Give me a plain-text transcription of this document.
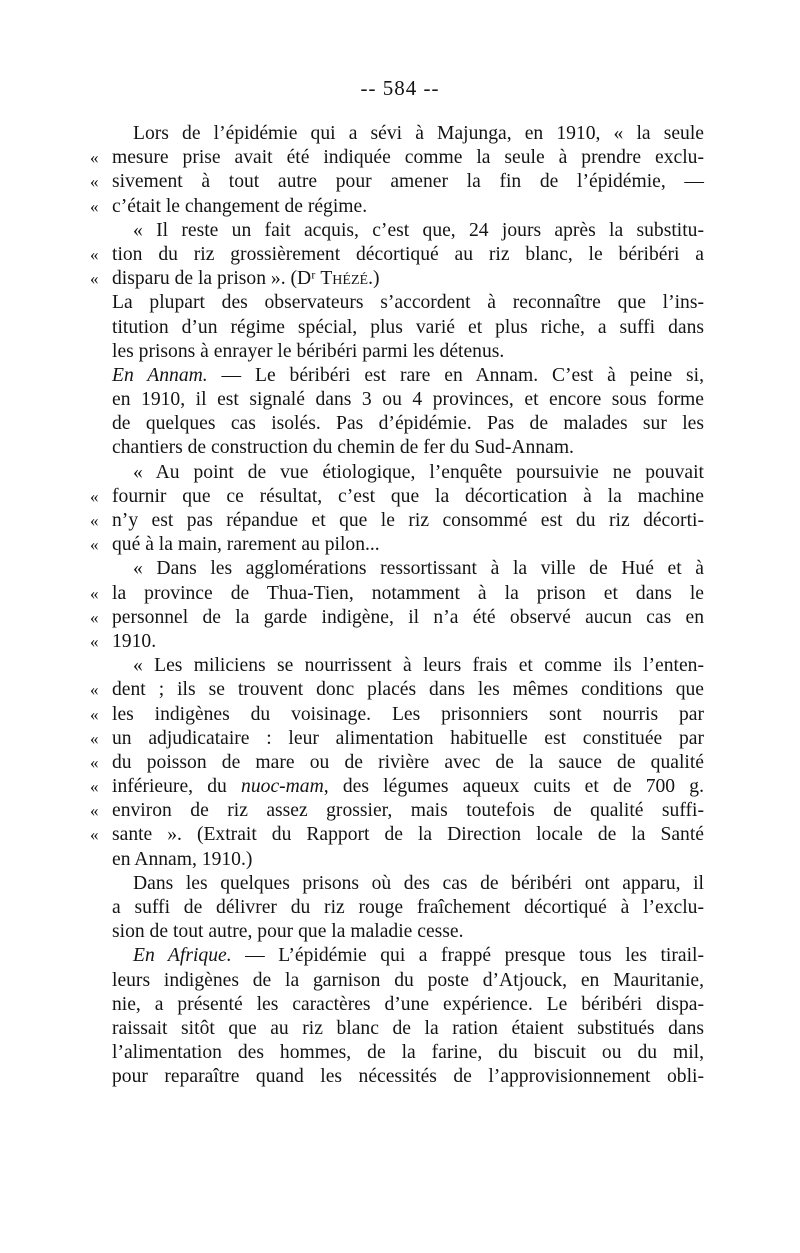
-- 584 --
Lors de l’épidémie qui a sévi à Majunga, en 1910, « la seule
« mesure prise avait été indiquée comme la seule à prendre exclu-
« sivement à tout autre pour amener la fin de l’épidémie, —
« c’était le changement de régime.
« Il reste un fait acquis, c’est que, 24 jours après la substitu-
« tion du riz grossièrement décortiqué au riz blanc, le béribéri a
« disparu de la prison ». (Dʳ Thézé.)
La plupart des observateurs s’accordent à reconnaître que l’ins-
titution d’un régime spécial, plus varié et plus riche, a suffi dans
les prisons à enrayer le béribéri parmi les détenus.
En Annam. — Le béribéri est rare en Annam. C’est à peine si,
en 1910, il est signalé dans 3 ou 4 provinces, et encore sous forme
de quelques cas isolés. Pas d’épidémie. Pas de malades sur les
chantiers de construction du chemin de fer du Sud-Annam.
« Au point de vue étiologique, l’enquête poursuivie ne pouvait
« fournir que ce résultat, c’est que la décortication à la machine
« n’y est pas répandue et que le riz consommé est du riz décorti-
« qué à la main, rarement au pilon...
« Dans les agglomérations ressortissant à la ville de Hué et à
« la province de Thua-Tien, notamment à la prison et dans le
« personnel de la garde indigène, il n’a été observé aucun cas en
« 1910.
« Les miliciens se nourrissent à leurs frais et comme ils l’enten-
« dent ; ils se trouvent donc placés dans les mêmes conditions que
« les indigènes du voisinage. Les prisonniers sont nourris par
« un adjudicataire : leur alimentation habituelle est constituée par
« du poisson de mare ou de rivière avec de la sauce de qualité
« inférieure, du nuoc-mam, des légumes aqueux cuits et de 700 g.
« environ de riz assez grossier, mais toutefois de qualité suffi-
« sante ». (Extrait du Rapport de la Direction locale de la Santé
en Annam, 1910.)
Dans les quelques prisons où des cas de béribéri ont apparu, il
a suffi de délivrer du riz rouge fraîchement décortiqué à l’exclu-
sion de tout autre, pour que la maladie cesse.
En Afrique. — L’épidémie qui a frappé presque tous les tirail-
leurs indigènes de la garnison du poste d’Atjouck, en Mauritanie,
nie, a présenté les caractères d’une expérience. Le béribéri dispa-
raissait sitôt que au riz blanc de la ration étaient substitués dans
l’alimentation des hommes, de la farine, du biscuit ou du mil,
pour reparaître quand les nécessités de l’approvisionnement obli-
